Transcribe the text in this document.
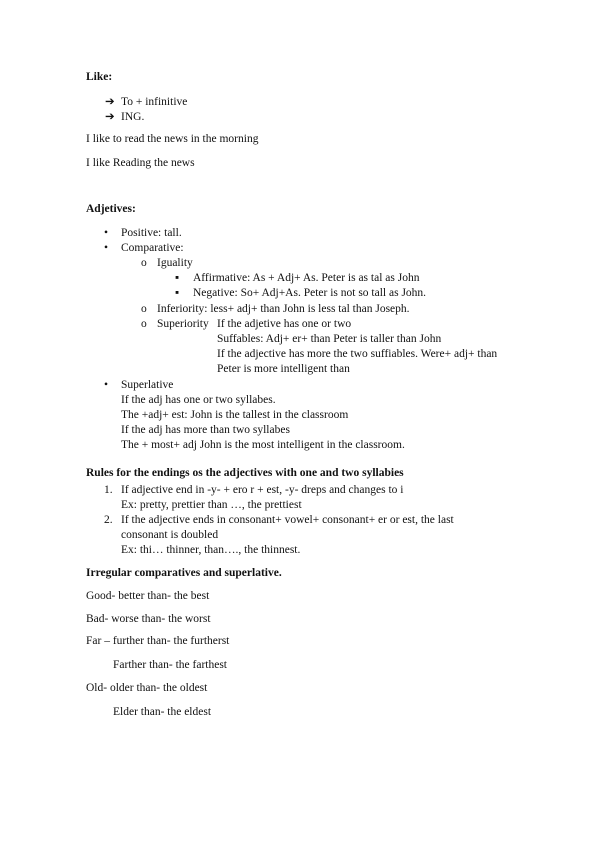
Like:
➔ To + infinitive
➔ ING.
I like to read the news in the morning
I like Reading the news
Adjetives:
• Positive: tall.
• Comparative:
o Iguality
▪ Affirmative: As + Adj+ As. Peter is as tal as John
▪ Negative: So+ Adj+As. Peter is not so tall as John.
o Inferiority: less+ adj+ than John is less tal than Joseph.
o Superiority If the adjetive has one or two
Suffables: Adj+ er+ than Peter is taller than John
If the adjective has more the two suffiables. Were+ adj+ than
Peter is more intelligent than
• Superlative
If the adj has one or two syllabes.
The +adj+ est: John is the tallest in the classroom
If the adj has more than two syllabes
The + most+ adj John is the most intelligent in the classroom.
Rules for the endings os the adjectives with one and two syllabies
1. If adjective end in -y- + ero r + est, -y- dreps and changes to i
Ex: pretty, prettier than …, the prettiest
2. If the adjective ends in consonant+ vowel+ consonant+ er or est, the last
consonant is doubled
Ex: thi… thinner, than…., the thinnest.
Irregular comparatives and superlative.
Good- better than- the best
Bad- worse than- the worst
Far – further than- the furtherst
Farther than- the farthest
Old- older than- the oldest
Elder than- the eldest
